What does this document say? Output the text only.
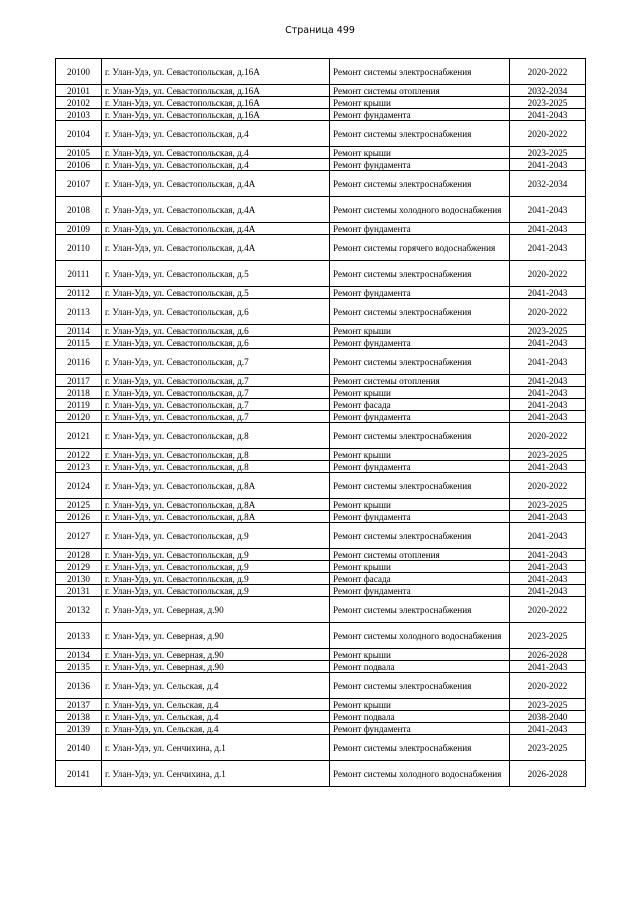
Страница 499
20100	г. Улан-Удэ, ул. Севастопольская, д.16А	Ремонт системы электроснабжения	2020-2022
20101	г. Улан-Удэ, ул. Севастопольская, д.16А	Ремонт системы отопления	2032-2034
20102	г. Улан-Удэ, ул. Севастопольская, д.16А	Ремонт крыши	2023-2025
20103	г. Улан-Удэ, ул. Севастопольская, д.16А	Ремонт фундамента	2041-2043
20104	г. Улан-Удэ, ул. Севастопольская, д.4	Ремонт системы электроснабжения	2020-2022
20105	г. Улан-Удэ, ул. Севастопольская, д.4	Ремонт крыши	2023-2025
20106	г. Улан-Удэ, ул. Севастопольская, д.4	Ремонт фундамента	2041-2043
20107	г. Улан-Удэ, ул. Севастопольская, д.4А	Ремонт системы электроснабжения	2032-2034
20108	г. Улан-Удэ, ул. Севастопольская, д.4А	Ремонт системы холодного водоснабжения	2041-2043
20109	г. Улан-Удэ, ул. Севастопольская, д.4А	Ремонт фундамента	2041-2043
20110	г. Улан-Удэ, ул. Севастопольская, д.4А	Ремонт системы горячего водоснабжения	2041-2043
20111	г. Улан-Удэ, ул. Севастопольская, д.5	Ремонт системы электроснабжения	2020-2022
20112	г. Улан-Удэ, ул. Севастопольская, д.5	Ремонт фундамента	2041-2043
20113	г. Улан-Удэ, ул. Севастопольская, д.6	Ремонт системы электроснабжения	2020-2022
20114	г. Улан-Удэ, ул. Севастопольская, д.6	Ремонт крыши	2023-2025
20115	г. Улан-Удэ, ул. Севастопольская, д.6	Ремонт фундамента	2041-2043
20116	г. Улан-Удэ, ул. Севастопольская, д.7	Ремонт системы электроснабжения	2041-2043
20117	г. Улан-Удэ, ул. Севастопольская, д.7	Ремонт системы отопления	2041-2043
20118	г. Улан-Удэ, ул. Севастопольская, д.7	Ремонт крыши	2041-2043
20119	г. Улан-Удэ, ул. Севастопольская, д.7	Ремонт фасада	2041-2043
20120	г. Улан-Удэ, ул. Севастопольская, д.7	Ремонт фундамента	2041-2043
20121	г. Улан-Удэ, ул. Севастопольская, д.8	Ремонт системы электроснабжения	2020-2022
20122	г. Улан-Удэ, ул. Севастопольская, д.8	Ремонт крыши	2023-2025
20123	г. Улан-Удэ, ул. Севастопольская, д.8	Ремонт фундамента	2041-2043
20124	г. Улан-Удэ, ул. Севастопольская, д.8А	Ремонт системы электроснабжения	2020-2022
20125	г. Улан-Удэ, ул. Севастопольская, д.8А	Ремонт крыши	2023-2025
20126	г. Улан-Удэ, ул. Севастопольская, д.8А	Ремонт фундамента	2041-2043
20127	г. Улан-Удэ, ул. Севастопольская, д.9	Ремонт системы электроснабжения	2041-2043
20128	г. Улан-Удэ, ул. Севастопольская, д.9	Ремонт системы отопления	2041-2043
20129	г. Улан-Удэ, ул. Севастопольская, д.9	Ремонт крыши	2041-2043
20130	г. Улан-Удэ, ул. Севастопольская, д.9	Ремонт фасада	2041-2043
20131	г. Улан-Удэ, ул. Севастопольская, д.9	Ремонт фундамента	2041-2043
20132	г. Улан-Удэ, ул. Северная, д.90	Ремонт системы электроснабжения	2020-2022
20133	г. Улан-Удэ, ул. Северная, д.90	Ремонт системы холодного водоснабжения	2023-2025
20134	г. Улан-Удэ, ул. Северная, д.90	Ремонт крыши	2026-2028
20135	г. Улан-Удэ, ул. Северная, д.90	Ремонт подвала	2041-2043
20136	г. Улан-Удэ, ул. Сельская, д.4	Ремонт системы электроснабжения	2020-2022
20137	г. Улан-Удэ, ул. Сельская, д.4	Ремонт крыши	2023-2025
20138	г. Улан-Удэ, ул. Сельская, д.4	Ремонт подвала	2038-2040
20139	г. Улан-Удэ, ул. Сельская, д.4	Ремонт фундамента	2041-2043
20140	г. Улан-Удэ, ул. Сенчихина, д.1	Ремонт системы электроснабжения	2023-2025
20141	г. Улан-Удэ, ул. Сенчихина, д.1	Ремонт системы холодного водоснабжения	2026-2028
